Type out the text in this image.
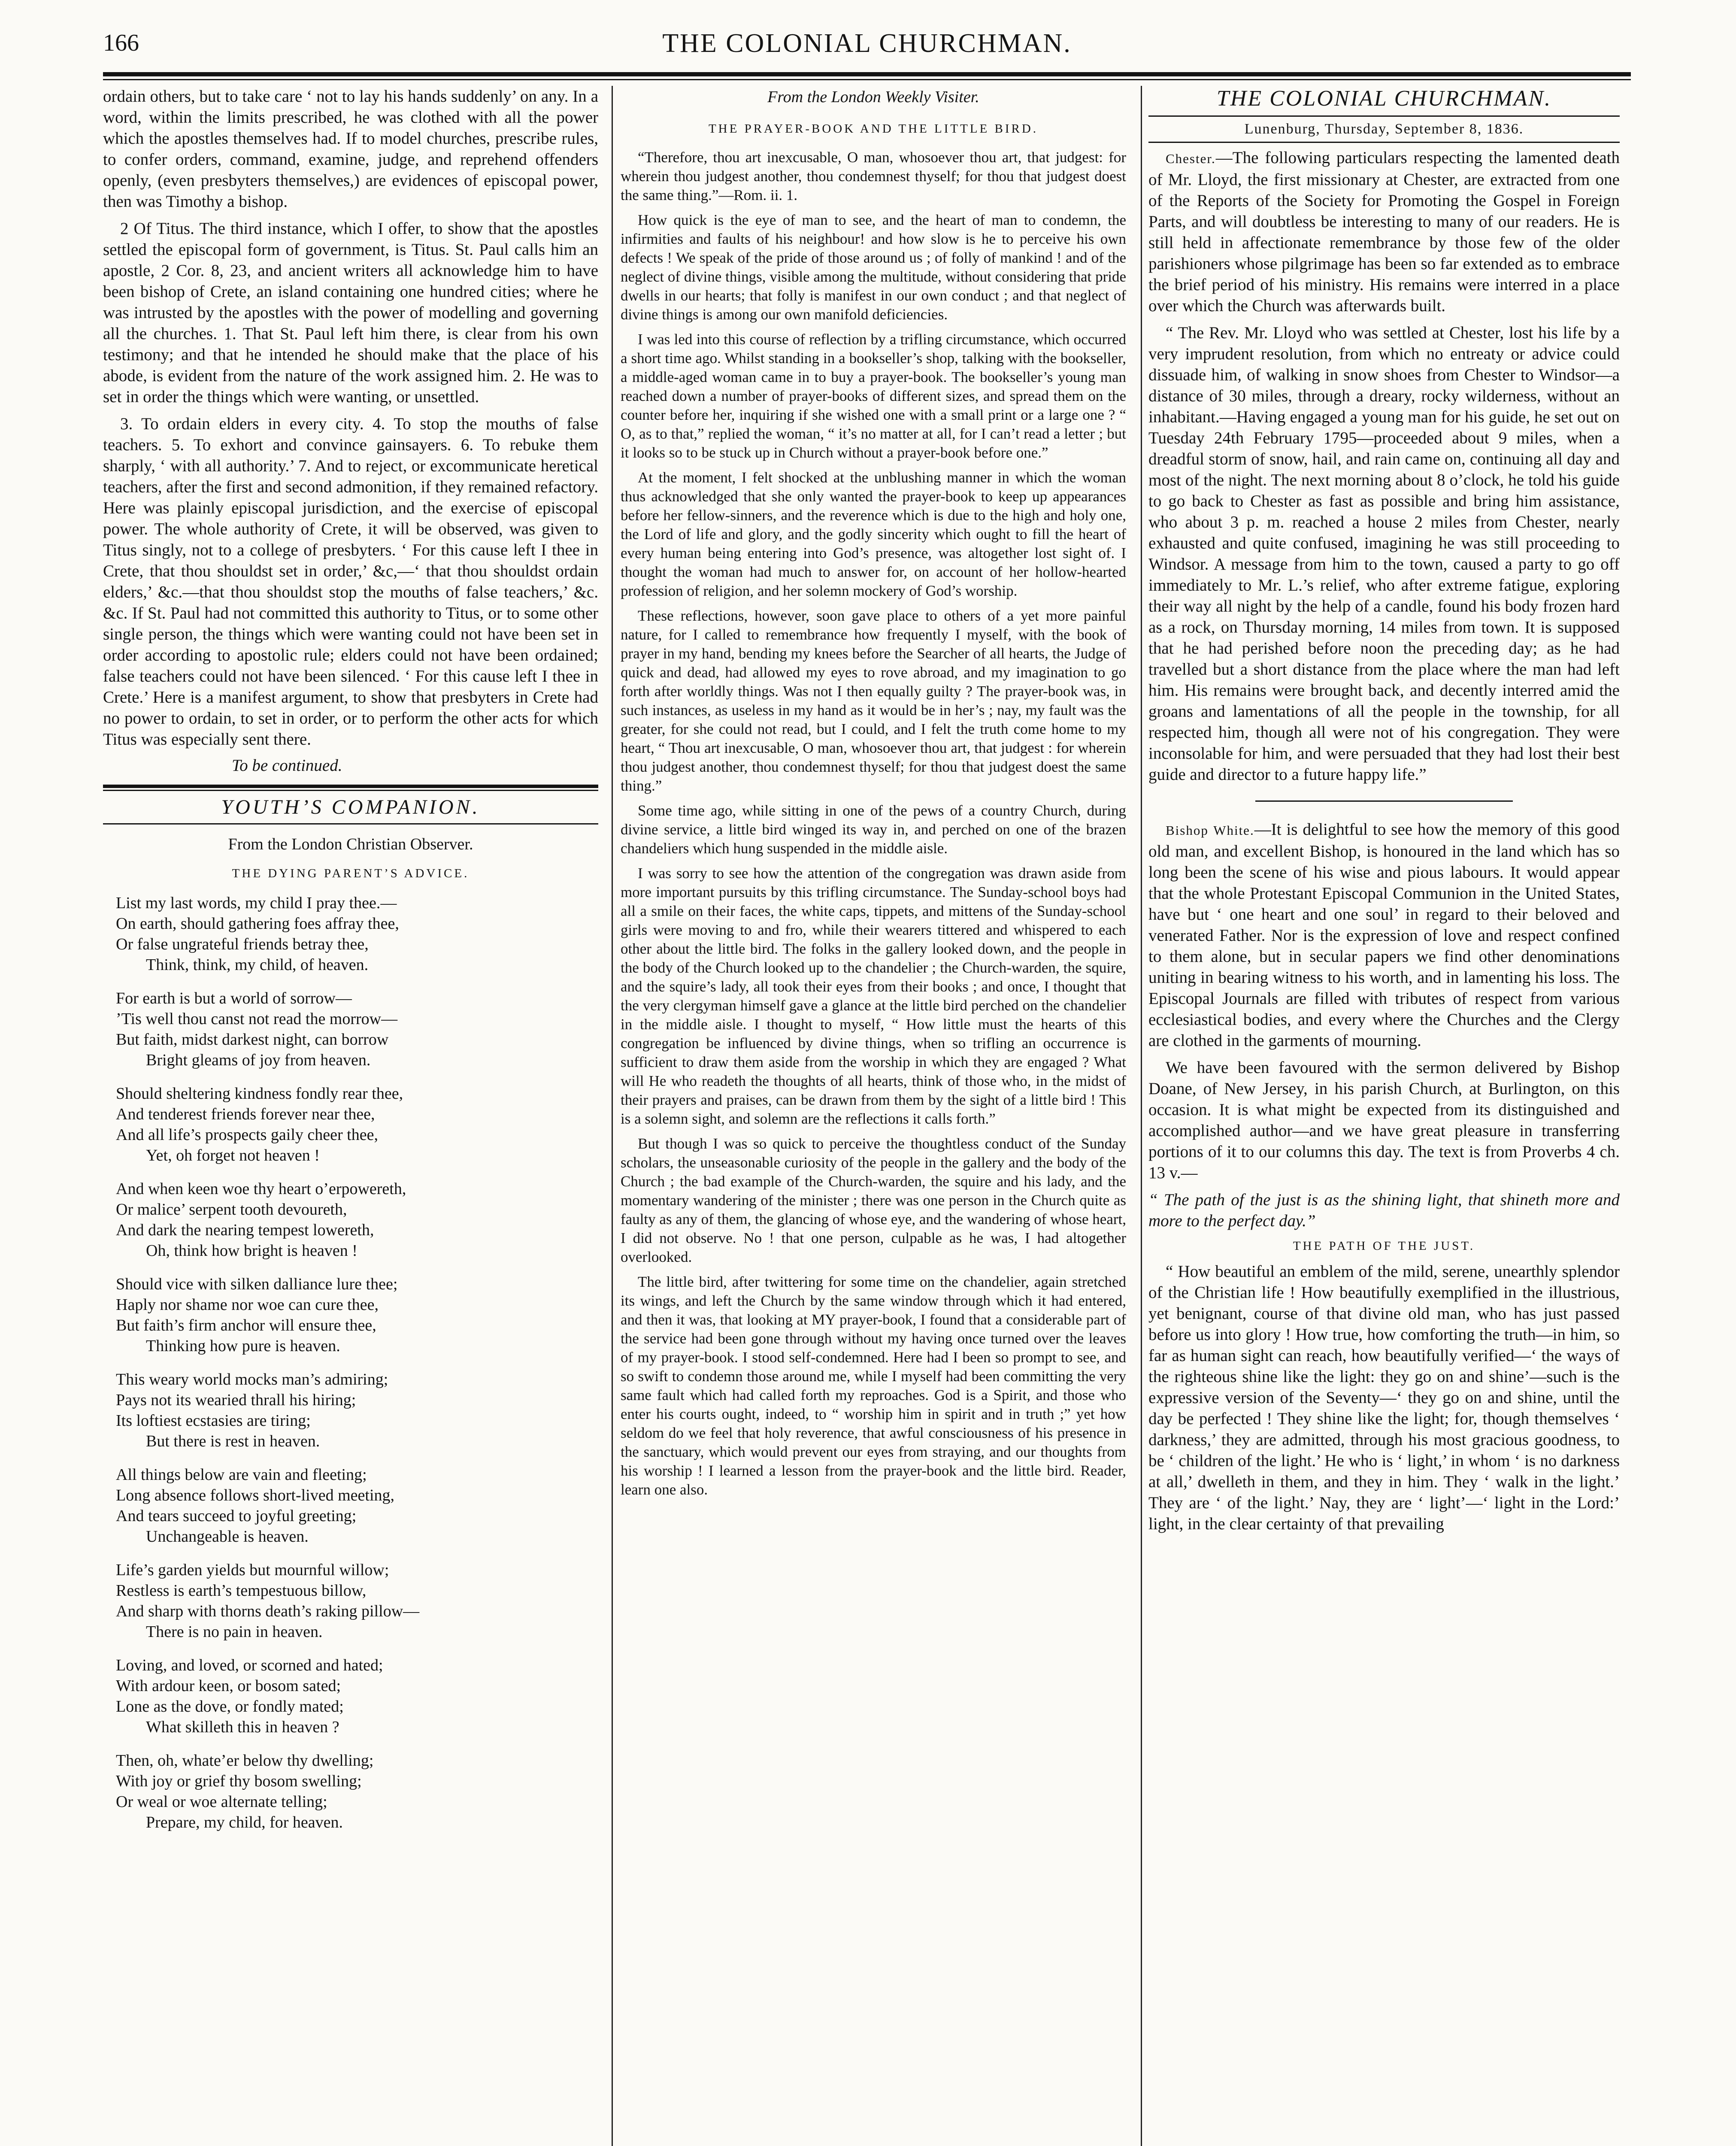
166	THE COLONIAL CHURCHMAN.

ordain others, but to take care ‘ not to lay his hands suddenly’ on any. In a word, within the limits prescribed, he was clothed with all the power which the apostles themselves had. If to model churches, prescribe rules, to confer orders, command, examine, judge, and reprehend offenders openly, (even presbyters themselves,) are evidences of episcopal power, then was Timothy a bishop.

2 Of Titus. The third instance, which I offer, to show that the apostles settled the episcopal form of government, is Titus. St. Paul calls him an apostle, 2 Cor. 8, 23, and ancient writers all acknowledge him to have been bishop of Crete, an island containing one hundred cities; where he was intrusted by the apostles with the power of modelling and governing all the churches. 1. That St. Paul left him there, is clear from his own testimony; and that he intended he should make that the place of his abode, is evident from the nature of the work assigned him. 2. He was to set in order the things which were wanting, or unsettled.

3. To ordain elders in every city. 4. To stop the mouths of false teachers. 5. To exhort and convince gainsayers. 6. To rebuke them sharply, ‘ with all authority.’ 7. And to reject, or excommunicate heretical teachers, after the first and second admonition, if they remained refactory. Here was plainly episcopal jurisdiction, and the exercise of episcopal power. The whole authority of Crete, it will be observed, was given to Titus singly, not to a college of presbyters. ‘ For this cause left I thee in Crete, that thou shouldst set in order,’ &c,—‘ that thou shouldst ordain elders,’ &c.—that thou shouldst stop the mouths of false teachers,’ &c. &c. If St. Paul had not committed this authority to Titus, or to some other single person, the things which were wanting could not have been set in order according to apostolic rule; elders could not have been ordained; false teachers could not have been silenced. ‘ For this cause left I thee in Crete.’ Here is a manifest argument, to show that presbyters in Crete had no power to ordain, to set in order, or to perform the other acts for which Titus was especially sent there.

To be continued.
YOUTH’S COMPANION.
From the London Christian Observer.
THE DYING PARENT’S ADVICE.
List my last words, my child I pray thee.—
On earth, should gathering foes affray thee,
Or false ungrateful friends betray thee,
Think, think, my child, of heaven.
For earth is but a world of sorrow—
’Tis well thou canst not read the morrow—
But faith, midst darkest night, can borrow
Bright gleams of joy from heaven.
Should sheltering kindness fondly rear thee,
And tenderest friends forever near thee,
And all life’s prospects gaily cheer thee,
Yet, oh forget not heaven !
And when keen woe thy heart o’erpowereth,
Or malice’ serpent tooth devoureth,
And dark the nearing tempest lowereth,
Oh, think how bright is heaven !
Should vice with silken dalliance lure thee;
Haply nor shame nor woe can cure thee,
But faith’s firm anchor will ensure thee,
Thinking how pure is heaven.
This weary world mocks man’s admiring;
Pays not its wearied thrall his hiring;
Its loftiest ecstasies are tiring;
But there is rest in heaven.
All things below are vain and fleeting;
Long absence follows short-lived meeting,
And tears succeed to joyful greeting;
Unchangeable is heaven.
Life’s garden yields but mournful willow;
Restless is earth’s tempestuous billow,
And sharp with thorns death’s raking pillow—
There is no pain in heaven.
Loving, and loved, or scorned and hated;
With ardour keen, or bosom sated;
Lone as the dove, or fondly mated;
What skilleth this in heaven ?
Then, oh, whate’er below thy dwelling;
With joy or grief thy bosom swelling;
Or weal or woe alternate telling;
Prepare, my child, for heaven.
From the London Weekly Visiter.
THE PRAYER-BOOK AND THE LITTLE BIRD.

“Therefore, thou art inexcusable, O man, whosoever thou art, that judgest: for wherein thou judgest another, thou condemnest thyself; for thou that judgest doest the same thing.”—Rom. ii. 1.

How quick is the eye of man to see, and the heart of man to condemn, the infirmities and faults of his neighbour! and how slow is he to perceive his own defects ! We speak of the pride of those around us ; of folly of mankind ! and of the neglect of divine things, visible among the multitude, without considering that pride dwells in our hearts; that folly is manifest in our own conduct ; and that neglect of divine things is among our own manifold deficiencies.

I was led into this course of reflection by a trifling circumstance, which occurred a short time ago. Whilst standing in a bookseller’s shop, talking with the bookseller, a middle-aged woman came in to buy a prayer-book. The bookseller’s young man reached down a number of prayer-books of different sizes, and spread them on the counter before her, inquiring if she wished one with a small print or a large one ? “ O, as to that,” replied the woman, “ it’s no matter at all, for I can’t read a letter ; but it looks so to be stuck up in Church without a prayer-book before one.”

At the moment, I felt shocked at the unblushing manner in which the woman thus acknowledged that she only wanted the prayer-book to keep up appearances before her fellow-sinners, and the reverence which is due to the high and holy one, the Lord of life and glory, and the godly sincerity which ought to fill the heart of every human being entering into God’s presence, was altogether lost sight of. I thought the woman had much to answer for, on account of her hollow-hearted profession of religion, and her solemn mockery of God’s worship.

These reflections, however, soon gave place to others of a yet more painful nature, for I called to remembrance how frequently I myself, with the book of prayer in my hand, bending my knees before the Searcher of all hearts, the Judge of quick and dead, had allowed my eyes to rove abroad, and my imagination to go forth after worldly things. Was not I then equally guilty ? The prayer-book was, in such instances, as useless in my hand as it would be in her’s ; nay, my fault was the greater, for she could not read, but I could, and I felt the truth come home to my heart, “ Thou art inexcusable, O man, whosoever thou art, that judgest : for wherein thou judgest another, thou condemnest thyself; for thou that judgest doest the same thing.”

Some time ago, while sitting in one of the pews of a country Church, during divine service, a little bird winged its way in, and perched on one of the brazen chandeliers which hung suspended in the middle aisle.

I was sorry to see how the attention of the congregation was drawn aside from more important pursuits by this trifling circumstance. The Sunday-school boys had all a smile on their faces, the white caps, tippets, and mittens of the Sunday-school girls were moving to and fro, while their wearers tittered and whispered to each other about the little bird. The folks in the gallery looked down, and the people in the body of the Church looked up to the chandelier ; the Church-warden, the squire, and the squire’s lady, all took their eyes from their books ; and once, I thought that the very clergyman himself gave a glance at the little bird perched on the chandelier in the middle aisle. I thought to myself, “ How little must the hearts of this congregation be influenced by divine things, when so trifling an occurrence is sufficient to draw them aside from the worship in which they are engaged ? What will He who readeth the thoughts of all hearts, think of those who, in the midst of their prayers and praises, can be drawn from them by the sight of a little bird ! This is a solemn sight, and solemn are the reflections it calls forth.”

But though I was so quick to perceive the thoughtless conduct of the Sunday scholars, the unseasonable curiosity of the people in the gallery and the body of the Church ; the bad example of the Church-warden, the squire and his lady, and the momentary wandering of the minister ; there was one person in the Church quite as faulty as any of them, the glancing of whose eye, and the wandering of whose heart, I did not observe. No ! that one person, culpable as he was, I had altogether overlooked.

The little bird, after twittering for some time on the chandelier, again stretched its wings, and left the Church by the same window through which it had entered, and then it was, that looking at MY prayer-book, I found that a considerable part of the service had been gone through without my having once turned over the leaves of my prayer-book. I stood self-condemned. Here had I been so prompt to see, and so swift to condemn those around me, while I myself had been committing the very same fault which had called forth my reproaches. God is a Spirit, and those who enter his courts ought, indeed, to “ worship him in spirit and in truth ;” yet how seldom do we feel that holy reverence, that awful consciousness of his presence in the sanctuary, which would prevent our eyes from straying, and our thoughts from his worship ! I learned a lesson from the prayer-book and the little bird. Reader, learn one also.

THE COLONIAL CHURCHMAN.
Lunenburg, Thursday, September 8, 1836.

Chester.—The following particulars respecting the lamented death of Mr. Lloyd, the first missionary at Chester, are extracted from one of the Reports of the Society for Promoting the Gospel in Foreign Parts, and will doubtless be interesting to many of our readers. He is still held in affectionate remembrance by those few of the older parishioners whose pilgrimage has been so far extended as to embrace the brief period of his ministry. His remains were interred in a place over which the Church was afterwards built.

“ The Rev. Mr. Lloyd who was settled at Chester, lost his life by a very imprudent resolution, from which no entreaty or advice could dissuade him, of walking in snow shoes from Chester to Windsor—a distance of 30 miles, through a dreary, rocky wilderness, without an inhabitant.—Having engaged a young man for his guide, he set out on Tuesday 24th February 1795—proceeded about 9 miles, when a dreadful storm of snow, hail, and rain came on, continuing all day and most of the night. The next morning about 8 o’clock, he told his guide to go back to Chester as fast as possible and bring him assistance, who about 3 p. m. reached a house 2 miles from Chester, nearly exhausted and quite confused, imagining he was still proceeding to Windsor. A message from him to the town, caused a party to go off immediately to Mr. L.’s relief, who after extreme fatigue, exploring their way all night by the help of a candle, found his body frozen hard as a rock, on Thursday morning, 14 miles from town. It is supposed that he had perished before noon the preceding day; as he had travelled but a short distance from the place where the man had left him. His remains were brought back, and decently interred amid the groans and lamentations of all the people in the township, for all respected him, though all were not of his congregation. They were inconsolable for him, and were persuaded that they had lost their best guide and director to a future happy life.”

Bishop White.—It is delightful to see how the memory of this good old man, and excellent Bishop, is honoured in the land which has so long been the scene of his wise and pious labours. It would appear that the whole Protestant Episcopal Communion in the United States, have but ‘ one heart and one soul’ in regard to their beloved and venerated Father. Nor is the expression of love and respect confined to them alone, but in secular papers we find other denominations uniting in bearing witness to his worth, and in lamenting his loss. The Episcopal Journals are filled with tributes of respect from various ecclesiastical bodies, and every where the Churches and the Clergy are clothed in the garments of mourning.

We have been favoured with the sermon delivered by Bishop Doane, of New Jersey, in his parish Church, at Burlington, on this occasion. It is what might be expected from its distinguished and accomplished author—and we have great pleasure in transferring portions of it to our columns this day. The text is from Proverbs 4 ch. 13 v.—

“ The path of the just is as the shining light, that shineth more and more to the perfect day.”

THE PATH OF THE JUST.

“ How beautiful an emblem of the mild, serene, unearthly splendor of the Christian life ! How beautifully exemplified in the illustrious, yet benignant, course of that divine old man, who has just passed before us into glory ! How true, how comforting the truth—in him, so far as human sight can reach, how beautifully verified—‘ the ways of the righteous shine like the light: they go on and shine’—such is the expressive version of the Seventy—‘ they go on and shine, until the day be perfected ! They shine like the light; for, though themselves ‘ darkness,’ they are admitted, through his most gracious goodness, to be ‘ children of the light.’ He who is ‘ light,’ in whom ‘ is no darkness at all,’ dwelleth in them, and they in him. They ‘ walk in the light.’ They are ‘ of the light.’ Nay, they are ‘ light’—‘ light in the Lord:’ light, in the clear certainty of that prevailing
